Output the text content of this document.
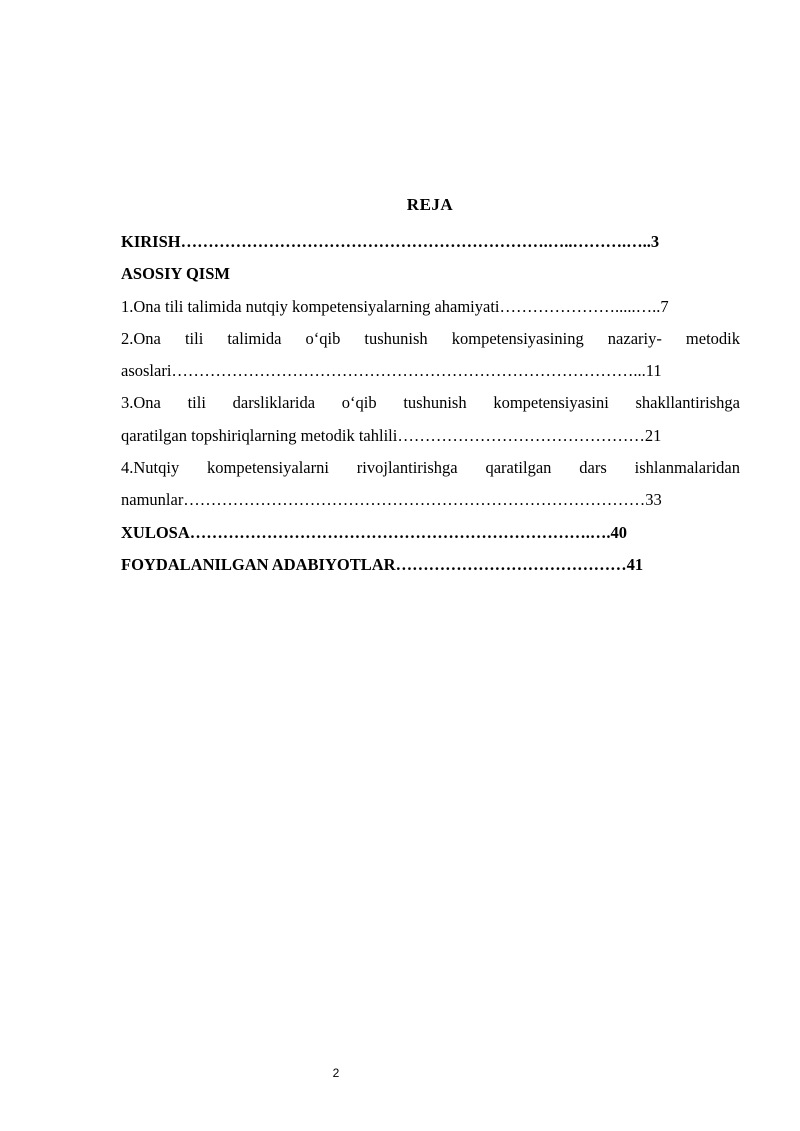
REJA
KIRISH………………………………………………………….…..……….…..3
ASOSIY QISM
1.Ona tili talimida nutqiy kompetensiyalarning ahamiyati………………….....…..7
2.Ona tili talimida o‘qib tushunish kompetensiyasining nazariy- metodik
asoslari…………………………………………………………………………...11
3.Ona tili darsliklarida o‘qib tushunish kompetensiyasini shakllantirishga
qaratilgan topshiriqlarning metodik tahlili………………………………………21
4.Nutqiy kompetensiyalarni rivojlantirishga qaratilgan dars ishlanmalaridan
namunlar…………………………………………………………………………33
XULOSA……………………………………………………………….….40
FOYDALANILGAN ADABIYOTLAR……………………………………41
2
